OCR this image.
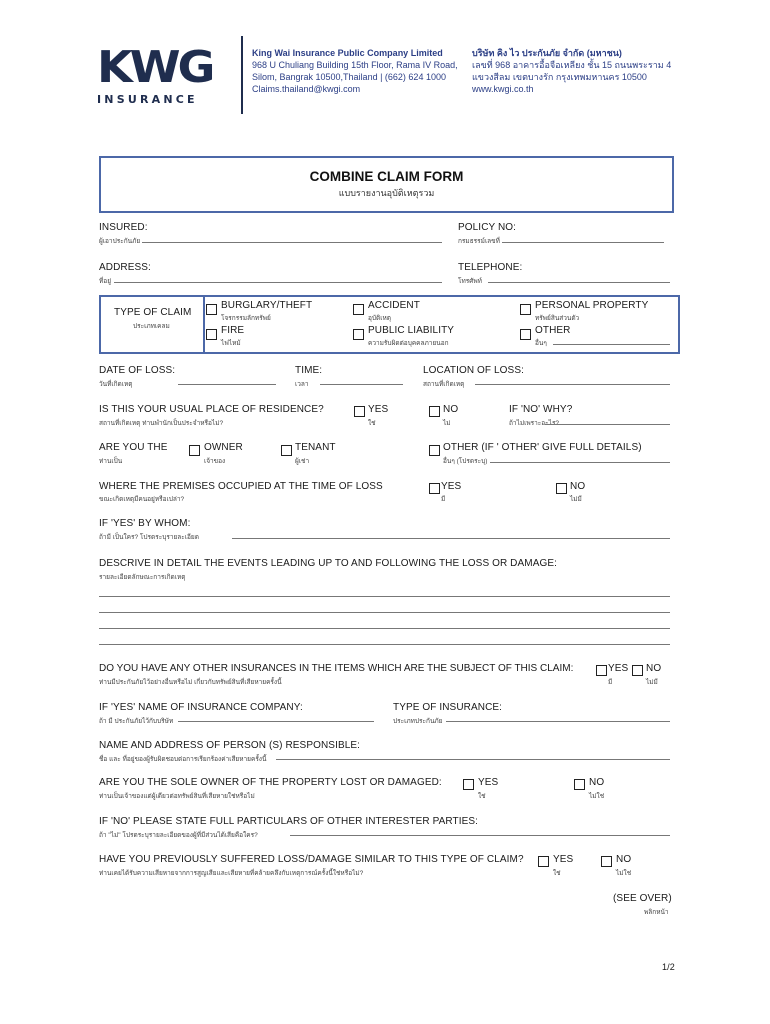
KWG
INSURANCE
King Wai Insurance Public Company Limited
968 U Chuliang Building 15th Floor, Rama IV Road,
Silom, Bangrak 10500,Thailand | (662) 624 1000
Claims.thailand@kwgi.com
บริษัท คิง ไว ประกันภัย จำกัด (มหาชน)
เลขที่ 968 อาคารอื้อจือเหลียง ชั้น 15 ถนนพระราม 4
แขวงสีลม เขตบางรัก กรุงเทพมหานคร 10500
www.kwgi.co.th
COMBINE CLAIM FORM
แบบรายงานอุบัติเหตุรวม
INSURED:
ผู้เอาประกันภัย
POLICY NO:
กรมธรรม์เลขที่
ADDRESS:
ที่อยู่
TELEPHONE:
โทรศัพท์
TYPE OF CLAIM
ประเภทเคลม
BURGLARY/THEFT
โจรกรรมลักทรัพย์
FIRE
ไฟไหม้
ACCIDENT
อุบัติเหตุ
PUBLIC LIABILITY
ความรับผิดต่อบุคคลภายนอก
PERSONAL PROPERTY
ทรัพย์สินส่วนตัว
OTHER
อื่นๆ
DATE OF LOSS:
วันที่เกิดเหตุ
TIME:
เวลา
LOCATION OF LOSS:
สถานที่เกิดเหตุ
IS THIS YOUR USUAL PLACE OF RESIDENCE?
สถานที่เกิดเหตุ ท่านพำนักเป็นประจำหรือไม่?
YES
ใช่
NO
ไม่
IF 'NO' WHY?
ถ้าไม่เพราะอะไร?
ARE YOU THE
ท่านเป็น
OWNER
เจ้าของ
TENANT
ผู้เช่า
OTHER (IF ' OTHER' GIVE FULL DETAILS)
อื่นๆ (โปรดระบุ)
WHERE THE PREMISES OCCUPIED AT THE TIME OF LOSS
ขณะเกิดเหตุมีคนอยู่หรือเปล่า?
YES
มี
NO
ไม่มี
IF 'YES' BY WHOM:
ถ้ามี เป็นใคร? โปรดระบุรายละเอียด
DESCRIVE IN DETAIL THE EVENTS LEADING UP TO AND FOLLOWING THE LOSS OR DAMAGE:
รายละเอียดลักษณะการเกิดเหตุ
DO YOU HAVE ANY OTHER INSURANCES IN THE ITEMS WHICH ARE THE SUBJECT OF THIS CLAIM:
ท่านมีประกันภัยไว้อย่างอื่นหรือไม่ เกี่ยวกับทรัพย์สินที่เสียหายครั้งนี้
YES
มี
NO
ไม่มี
IF 'YES' NAME OF INSURANCE COMPANY:
ถ้า มี ประกันภัยไว้กับบริษัท
TYPE OF INSURANCE:
ประเภทประกันภัย
NAME AND ADDRESS OF PERSON (S) RESPONSIBLE:
ชื่อ และ ที่อยู่ของผู้รับผิดชอบต่อการเรียกร้องค่าเสียหายครั้งนี้
ARE YOU THE SOLE OWNER OF THE PROPERTY LOST OR DAMAGED:
ท่านเป็นเจ้าของแต่ผู้เดียวต่อทรัพย์สินที่เสียหายใช่หรือไม่
YES
ใช่
NO
ไม่ใช่
IF 'NO' PLEASE STATE FULL PARTICULARS OF OTHER INTERESTER PARTIES:
ถ้า "ไม่" โปรดระบุรายละเอียดของผู้ที่มีส่วนได้เสียคือใคร?
HAVE YOU PREVIOUSLY SUFFERED LOSS/DAMAGE SIMILAR TO THIS TYPE OF CLAIM?
ท่านเคยได้รับความเสียหายจากการสูญเสียและเสียหายที่คล้ายคลึงกับเหตุการณ์ครั้งนี้ใช่หรือไม่?
YES
ใช่
NO
ไม่ใช่
(SEE OVER)
พลิกหน้า
1/2
